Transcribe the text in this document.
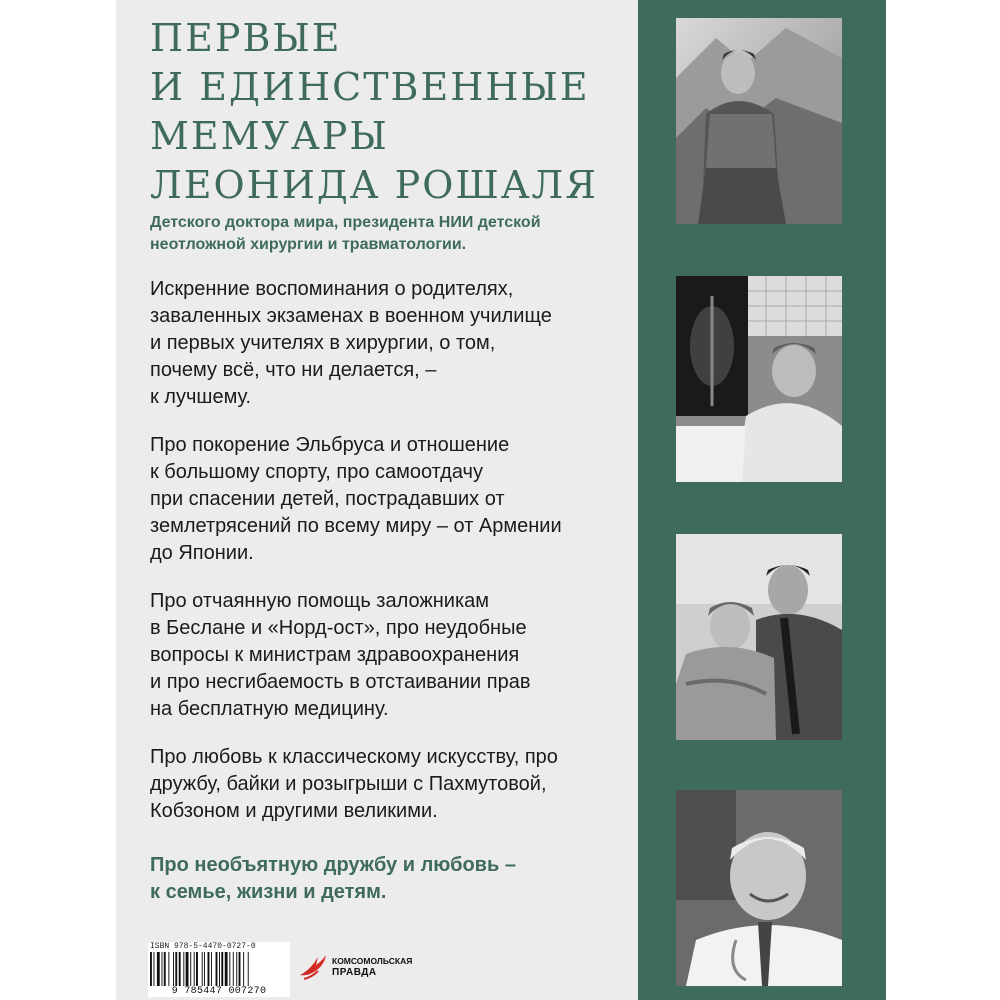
ПЕРВЫЕ
И ЕДИНСТВЕННЫЕ
МЕМУАРЫ
ЛЕОНИДА РОШАЛЯ

Детского доктора мира, президента НИИ детской
неотложной хирургии и травматологии.

Искренние воспоминания о родителях,
заваленных экзаменах в военном училище
и первых учителях в хирургии, о том,
почему всё, что ни делается, –
к лучшему.

Про покорение Эльбруса и отношение
к большому спорту, про самоотдачу
при спасении детей, пострадавших от
землетрясений по всему миру – от Армении
до Японии.

Про отчаянную помощь заложникам
в Беслане и «Норд-ост», про неудобные
вопросы к министрам здравоохранения
и про несгибаемость в отстаивании прав
на бесплатную медицину.

Про любовь к классическому искусству, про
дружбу, байки и розыгрыши с Пахмутовой,
Кобзоном и другими великими.

Про необъятную дружбу и любовь –
к семье, жизни и детям.

ISBN 978-5-4470-0727-0
9 785447 007270
КОМСОМОЛЬСКАЯ
ПРАВДА
